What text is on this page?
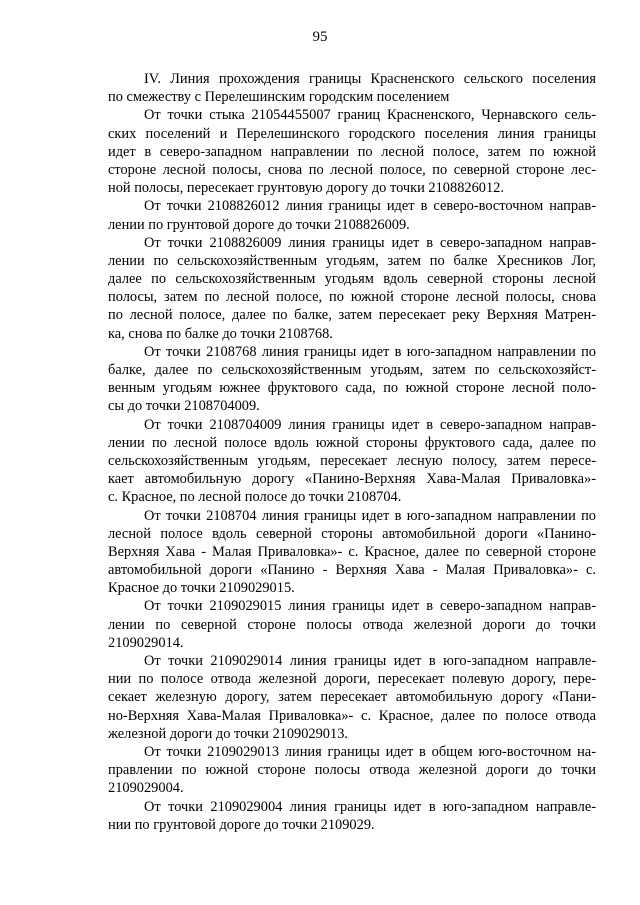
95
IV. Линия прохождения границы Красненского сельского поселения
по смежеству с Перелешинским городским поселением
От точки стыка 21054455007 границ Красненского, Чернавского сель-
ских поселений и Перелешинского городского поселения линия границы
идет в северо-западном направлении по лесной полосе, затем по южной
стороне лесной полосы, снова по лесной полосе, по северной стороне лес-
ной полосы, пересекает грунтовую дорогу до точки 2108826012.
От точки 2108826012 линия границы идет в северо-восточном направ-
лении по грунтовой дороге до точки 2108826009.
От точки 2108826009 линия границы идет в северо-западном направ-
лении по сельскохозяйственным угодьям, затем по балке Хресников Лог,
далее по сельскохозяйственным угодьям вдоль северной стороны лесной
полосы, затем по лесной полосе, по южной стороне лесной полосы, снова
по лесной полосе, далее по балке, затем пересекает реку Верхняя Матрен-
ка, снова по балке до точки 2108768.
От точки 2108768 линия границы идет в юго-западном направлении по
балке, далее по сельскохозяйственным угодьям, затем по сельскохозяйст-
венным угодьям южнее фруктового сада, по южной стороне лесной поло-
сы до точки 2108704009.
От точки 2108704009 линия границы идет в северо-западном направ-
лении по лесной полосе вдоль южной стороны фруктового сада, далее по
сельскохозяйственным угодьям, пересекает лесную полосу, затем пересе-
кает автомобильную дорогу «Панино-Верхняя Хава-Малая Приваловка»-
с. Красное, по лесной полосе до точки 2108704.
От точки 2108704 линия границы идет в юго-западном направлении по
лесной полосе вдоль северной стороны автомобильной дороги «Панино-
Верхняя Хава - Малая Приваловка»- с. Красное, далее по северной стороне
автомобильной дороги «Панино - Верхняя Хава - Малая Приваловка»- с.
Красное до точки 2109029015.
От точки 2109029015 линия границы идет в северо-западном направ-
лении по северной стороне полосы отвода железной дороги до точки
2109029014.
От точки 2109029014 линия границы идет в юго-западном направле-
нии по полосе отвода железной дороги, пересекает полевую дорогу, пере-
секает железную дорогу, затем пересекает автомобильную дорогу «Пани-
но-Верхняя Хава-Малая Приваловка»- с. Красное, далее по полосе отвода
железной дороги до точки 2109029013.
От точки 2109029013 линия границы идет в общем юго-восточном на-
правлении по южной стороне полосы отвода железной дороги до точки
2109029004.
От точки 2109029004 линия границы идет в юго-западном направле-
нии по грунтовой дороге до точки 2109029.
